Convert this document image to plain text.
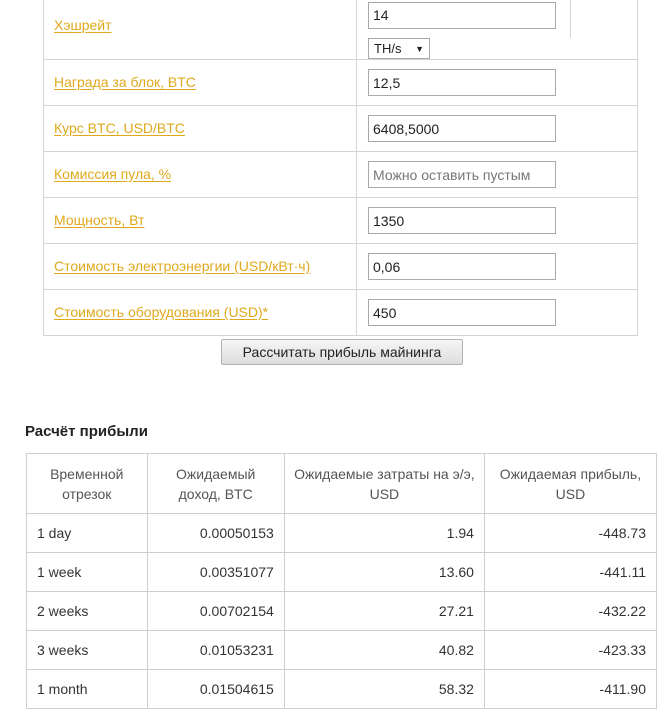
Хэшрейт	14
TH/s ▼

Награда за блок, BTC	12,5
Курс BTC, USD/BTC	6408,5000
Комиссия пула, %	Можно оставить пустым
Мощность, Вт	1350
Стоимость электроэнергии (USD/кВт·ч)	0,06
Стоимость оборудования (USD)*	450
Рассчитать прибыль майнинга
Расчёт прибыли
Временной отрезок	Ожидаемый доход, BTC	Ожидаемые затраты на э/э, USD	Ожидаемая прибыль, USD
1 day	0.00050153	1.94	-448.73
1 week	0.00351077	13.60	-441.11
2 weeks	0.00702154	27.21	-432.22
3 weeks	0.01053231	40.82	-423.33
1 month	0.01504615	58.32	-411.90
